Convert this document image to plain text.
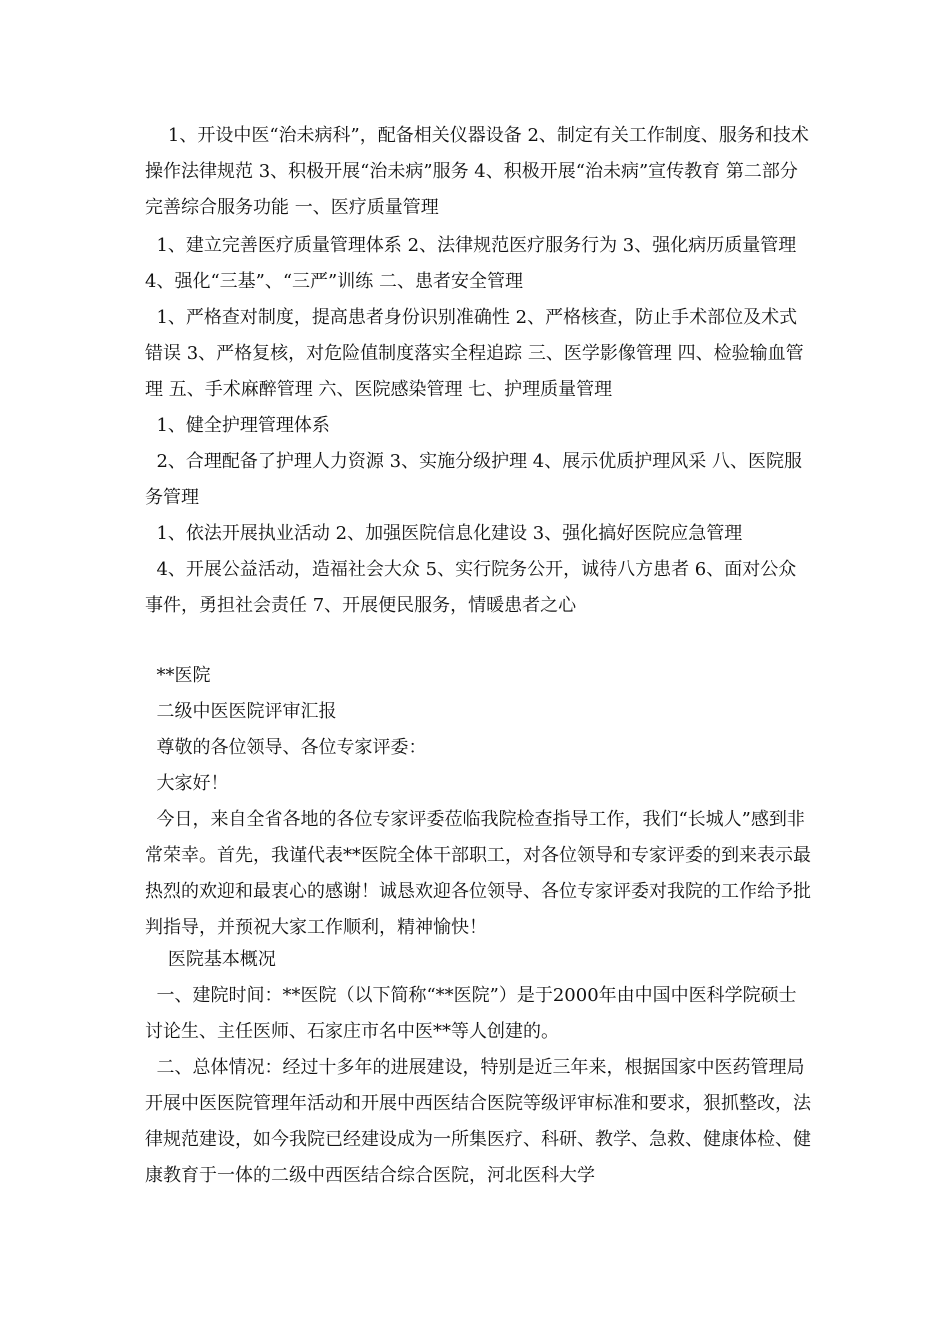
1、开设中医“治未病科”，配备相关仪器设备 2、制定有关工作制度、服务和技术操作法律规范 3、积极开展“治未病”服务 4、积极开展“治未病”宣传教育 第二部分 完善综合服务功能 一、医疗质量管理

1、建立完善医疗质量管理体系 2、法律规范医疗服务行为 3、强化病历质量管理 4、强化“三基”、“三严”训练 二、患者安全管理

1、严格查对制度，提高患者身份识别准确性 2、严格核查，防止手术部位及术式错误 3、严格复核，对危险值制度落实全程追踪 三、医学影像管理 四、检验输血管理 五、手术麻醉管理 六、医院感染管理 七、护理质量管理

1、健全护理管理体系

2、合理配备了护理人力资源 3、实施分级护理 4、展示优质护理风采 八、医院服务管理

1、依法开展执业活动 2、加强医院信息化建设 3、强化搞好医院应急管理

4、开展公益活动，造福社会大众 5、实行院务公开，诚待八方患者 6、面对公众事件，勇担社会责任 7、开展便民服务，情暖患者之心

**医院

二级中医医院评审汇报

尊敬的各位领导、各位专家评委：

大家好！

今日，来自全省各地的各位专家评委莅临我院检查指导工作，我们“长城人”感到非常荣幸。首先，我谨代表**医院全体干部职工，对各位领导和专家评委的到来表示最热烈的欢迎和最衷心的感谢！诚恳欢迎各位领导、各位专家评委对我院的工作给予批判指导，并预祝大家工作顺利，精神愉快！

医院基本概况

一、建院时间：**医院（以下简称“**医院”）是于2000年由中国中医科学院硕士讨论生、主任医师、石家庄市名中医**等人创建的。

二、总体情况：经过十多年的进展建设，特别是近三年来，根据国家中医药管理局开展中医医院管理年活动和开展中西医结合医院等级评审标准和要求，狠抓整改，法律规范建设，如今我院已经建设成为一所集医疗、科研、教学、急救、健康体检、健康教育于一体的二级中西医结合综合医院，河北医科大学
